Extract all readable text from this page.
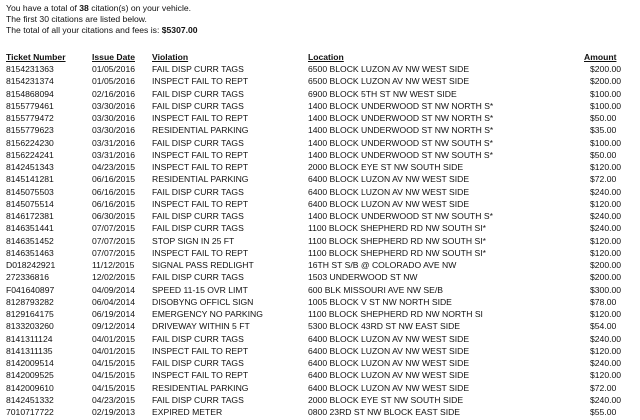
You have a total of 38 citation(s) on your vehicle.
The first 30 citations are listed below.
The total of all your citations and fees is: $5307.00
Ticket Number	Issue Date	Violation	Location	Amount
8154231363	01/05/2016	FAIL DISP CURR TAGS	6500 BLOCK LUZON AV NW WEST SIDE	$200.00
8154231374	01/05/2016	INSPECT FAIL TO REPT	6500 BLOCK LUZON AV NW WEST SIDE	$200.00
8154868094	02/16/2016	FAIL DISP CURR TAGS	6900 BLOCK 5TH ST NW WEST SIDE	$100.00
8155779461	03/30/2016	FAIL DISP CURR TAGS	1400 BLOCK UNDERWOOD ST NW NORTH S*	$100.00
8155779472	03/30/2016	INSPECT FAIL TO REPT	1400 BLOCK UNDERWOOD ST NW NORTH S*	$50.00
8155779623	03/30/2016	RESIDENTIAL PARKING	1400 BLOCK UNDERWOOD ST NW NORTH S*	$35.00
8156224230	03/31/2016	FAIL DISP CURR TAGS	1400 BLOCK UNDERWOOD ST NW SOUTH S*	$100.00
8156224241	03/31/2016	INSPECT FAIL TO REPT	1400 BLOCK UNDERWOOD ST NW SOUTH S*	$50.00
8142451343	04/23/2015	INSPECT FAIL TO REPT	2000 BLOCK EYE ST NW SOUTH SIDE	$120.00
8145141281	06/16/2015	RESIDENTIAL PARKING	6400 BLOCK LUZON AV NW WEST SIDE	$72.00
8145075503	06/16/2015	FAIL DISP CURR TAGS	6400 BLOCK LUZON AV NW WEST SIDE	$240.00
8145075514	06/16/2015	INSPECT FAIL TO REPT	6400 BLOCK LUZON AV NW WEST SIDE	$120.00
8146172381	06/30/2015	FAIL DISP CURR TAGS	1400 BLOCK UNDERWOOD ST NW SOUTH S*	$240.00
8146351441	07/07/2015	FAIL DISP CURR TAGS	1100 BLOCK SHEPHERD RD NW SOUTH SI*	$240.00
8146351452	07/07/2015	STOP SIGN IN 25 FT	1100 BLOCK SHEPHERD RD NW SOUTH SI*	$120.00
8146351463	07/07/2015	INSPECT FAIL TO REPT	1100 BLOCK SHEPHERD RD NW SOUTH SI*	$120.00
D018242921	11/12/2015	SIGNAL PASS REDLIGHT	16TH ST S/B @ COLORADO AVE NW	$200.00
272336816	12/02/2015	FAIL DISP CURR TAGS	1503 UNDERWOOD ST NW	$200.00
F041640897	04/09/2014	SPEED 11-15 OVR LIMT	600 BLK MISSOURI AVE NW SE/B	$300.00
8128793282	06/04/2014	DISOBYNG OFFICL SIGN	1005 BLOCK V ST NW NORTH SIDE	$78.00
8129164175	06/19/2014	EMERGENCY NO PARKING	1100 BLOCK SHEPHERD RD NW NORTH SI	$120.00
8133203260	09/12/2014	DRIVEWAY WITHIN 5 FT	5300 BLOCK 43RD ST NW EAST SIDE	$54.00
8141311124	04/01/2015	FAIL DISP CURR TAGS	6400 BLOCK LUZON AV NW WEST SIDE	$240.00
8141311135	04/01/2015	INSPECT FAIL TO REPT	6400 BLOCK LUZON AV NW WEST SIDE	$120.00
8142009514	04/15/2015	FAIL DISP CURR TAGS	6400 BLOCK LUZON AV NW WEST SIDE	$240.00
8142009525	04/15/2015	INSPECT FAIL TO REPT	6400 BLOCK LUZON AV NW WEST SIDE	$120.00
8142009610	04/15/2015	RESIDENTIAL PARKING	6400 BLOCK LUZON AV NW WEST SIDE	$72.00
8142451332	04/23/2015	FAIL DISP CURR TAGS	2000 BLOCK EYE ST NW SOUTH SIDE	$240.00
7010717722	02/19/2013	EXPIRED METER	0800 23RD ST NW BLOCK EAST SIDE	$55.00
